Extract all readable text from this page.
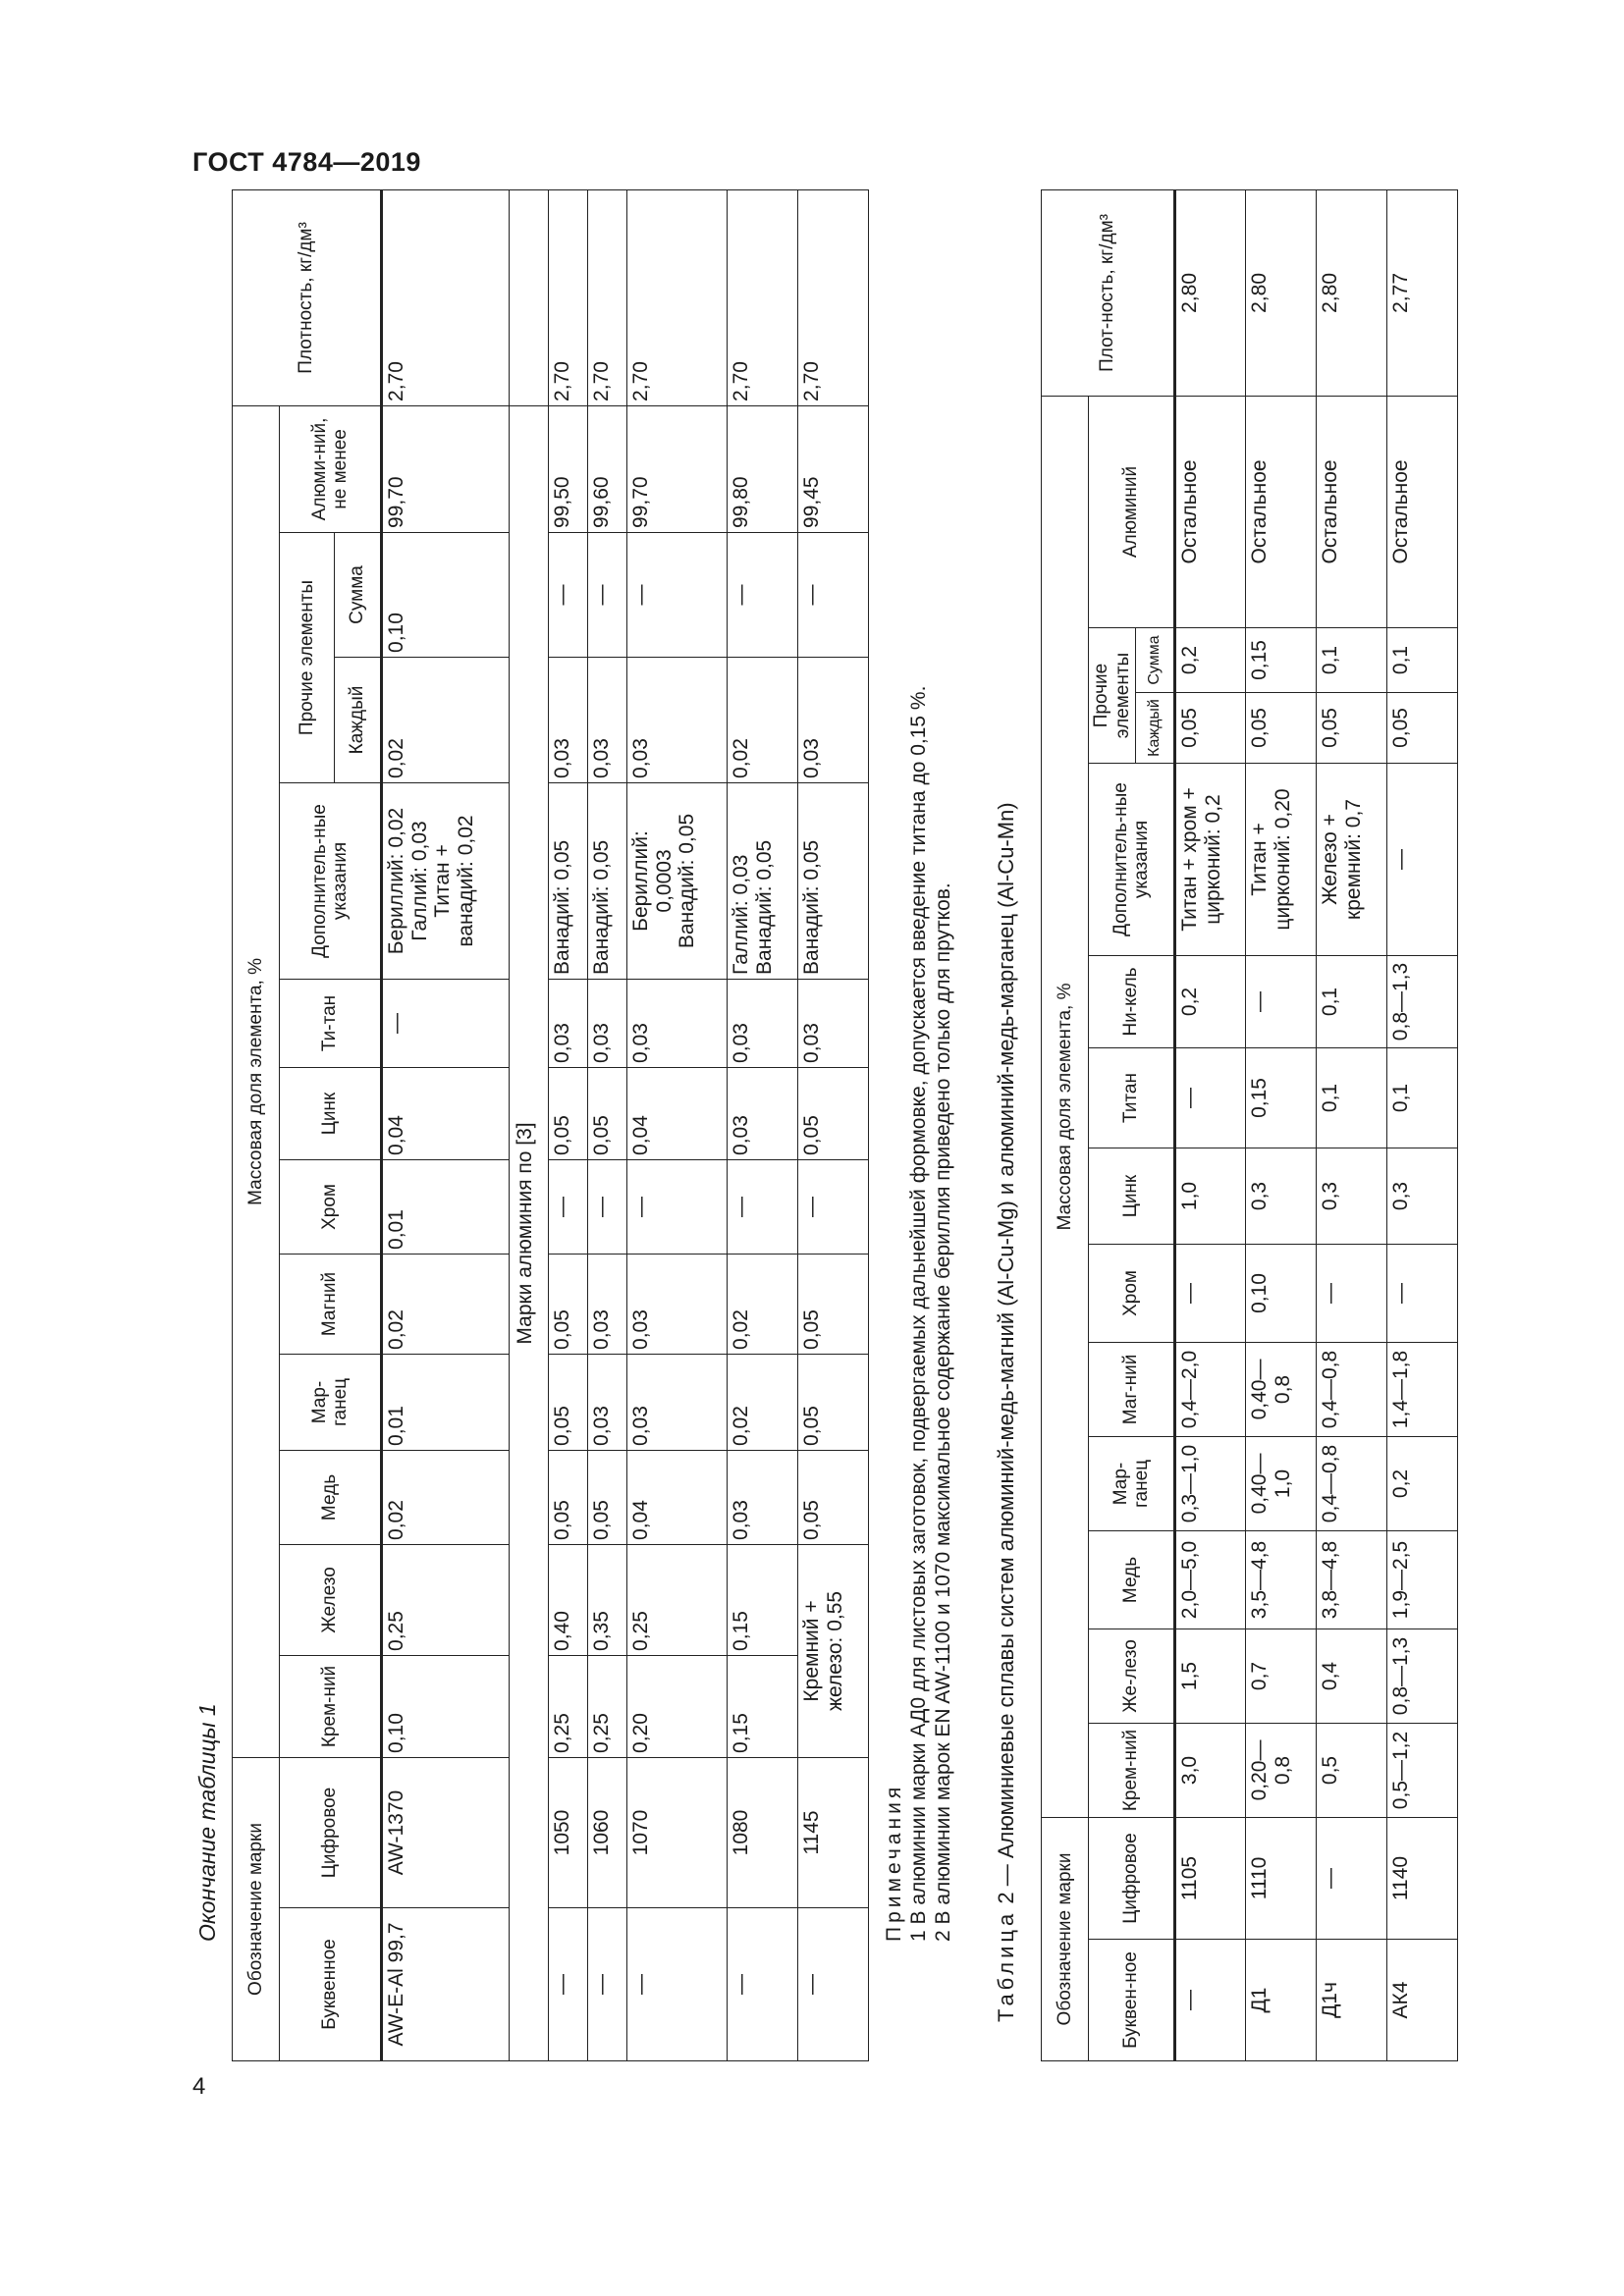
ГОСТ 4784—2019
4
Окончание таблицы 1 Обозначение марки		Массовая доля элемента, %												Плотность, кг/дм³
Буквенное	Цифровое	Крем-ний	Железо	Медь	Мар-ганец	Магний	Хром	Цинк	Ти-тан	Дополнитель-ные указания	Прочие элементы		Алюми-ний, не менее	
											Каждый	Сумма		
AW-E-Al 99,7	AW-1370	0,10	0,25	0,02	0,01	0,02	0,01	0,04	—	Бериллий: 0,02 Галлий: 0,03 Титан + ванадий: 0,02	0,02	0,10	99,70	2,70
Марки алюминия по [3]														
—	1050	0,25	0,40	0,05	0,05	0,05	—	0,05	0,03	Ванадий: 0,05	0,03	—	99,50	2,70
—	1060	0,25	0,35	0,05	0,03	0,03	—	0,05	0,03	Ванадий: 0,05	0,03	—	99,60	2,70
—	1070	0,20	0,25	0,04	0,03	0,03	—	0,04	0,03	Бериллий: 0,0003 Ванадий: 0,05	0,03	—	99,70	2,70
—	1080	0,15	0,15	0,03	0,02	0,02	—	0,03	0,03	Галлий: 0,03 Ванадий: 0,05	0,02	—	99,80	2,70
—	1145	Кремний + железо: 0,55		0,05	0,05	0,05	—	0,05	0,03	Ванадий: 0,05	0,03	—	99,45	2,70
Примечания 1 В алюминии марки АД0 для листовых заготовок, подвергаемых дальнейшей формовке, допускается введение титана до 0,15 %. 2 В алюминии марок EN AW-1100 и 1070 максимальное содержание бериллия приведено только для прутков.
Таблица 2 — Алюминиевые сплавы систем алюминий-медь-магний (Al-Cu-Mg) и алюминий-медь-марганец (Al-Cu-Mn)
Обозначение марки		Массовая доля элемента, %													Плот-ность, кг/дм³
Буквен-ное	Цифровое	Крем-ний	Же-лезо	Медь	Мар-ганец	Маг-ний	Хром	Цинк	Титан	Ни-кель	Дополнитель-ные указания	Прочие элементы		Алюминий	
												Каждый	Сумма		
—	1105	3,0	1,5	2,0—5,0	0,3—1,0	0,4—2,0	—	1,0	—	0,2	Титан + хром + цирконий: 0,2	0,05	0,2	Остальное	2,80
Д1	1110	0,20—0,8	0,7	3,5—4,8	0,40—1,0	0,40—0,8	0,10	0,3	0,15	—	Титан + цирконий: 0,20	0,05	0,15	Остальное	2,80
Д1ч	—	0,5	0,4	3,8—4,8	0,4—0,8	0,4—0,8	—	0,3	0,1	0,1	Железо + кремний: 0,7	0,05	0,1	Остальное	2,80
АК4	1140	0,5—1,2	0,8—1,3	1,9—2,5	0,2	1,4—1,8	—	0,3	0,1	0,8—1,3	—	0,05	0,1	Остальное	2,77
